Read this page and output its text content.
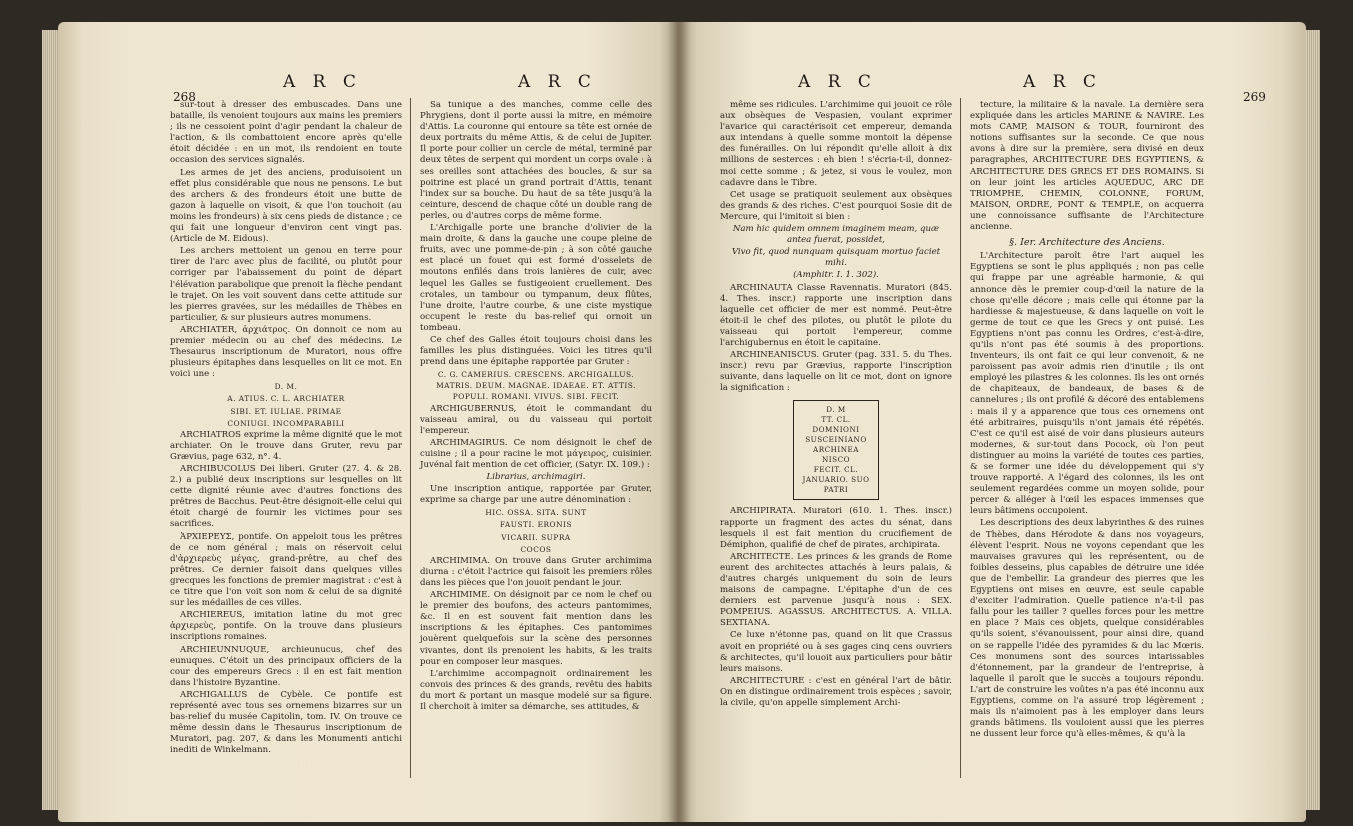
268
A R C	A R C

sur-tout à dresser des embuscades. Dans une bataille, ils venoient toujours aux mains les premiers ; ils ne cessoient point d'agir pendant la chaleur de l'action, & ils combattoient encore après qu'elle étoit décidée : en un mot, ils rendoient en toute occasion des services signalés.

Les armes de jet des anciens, produisoient un effet plus considérable que nous ne pensons. Le but des archers & des frondeurs étoit une butte de gazon à laquelle on visoit, & que l'on touchoit (au moins les frondeurs) à six cens pieds de distance ; ce qui fait une longueur d'environ cent vingt pas. (Article de M. Eidous).

Les archers mettoient un genou en terre pour tirer de l'arc avec plus de facilité, ou plutôt pour corriger par l'abaissement du point de départ l'élévation parabolique que prenoit la flèche pendant le trajet. On les voit souvent dans cette attitude sur les pierres gravées, sur les médailles de Thèbes en particulier, & sur plusieurs autres monumens.

ARCHIATER, ἀρχιάτρος. On donnoit ce nom au premier médecin ou au chef des médecins. Le Thesaurus inscriptionum de Muratori, nous offre plusieurs épitaphes dans lesquelles on lit ce mot. En voici une :

D. M.

A. ATIUS. C. L. ARCHIATER

SIBI. ET. IULIAE. PRIMAE

CONIUGI. INCOMPARABILI

ARCHIATROS exprime la même dignité que le mot archiater. On le trouve dans Gruter, revu par Grævius, page 632, n°. 4.

ARCHIBUCOLUS Dei liberi. Gruter (27. 4. & 28. 2.) a publié deux inscriptions sur lesquelles on lit cette dignité réunie avec d'autres fonctions des prêtres de Bacchus. Peut-être désignoit-elle celui qui étoit chargé de fournir les victimes pour ses sacrifices.

ἈΡΧΙΕΡΕΥΣ, pontife. On appeloit tous les prêtres de ce nom général ; mais on réservoit celui d'ἀρχιερεὺς μέγας, grand-prêtre, au chef des prêtres. Ce dernier faisoit dans quelques villes grecques les fonctions de premier magistrat : c'est à ce titre que l'on voit son nom & celui de sa dignité sur les médailles de ces villes.

ARCHIEREUS, imitation latine du mot grec ἀρχιερεὺς, pontife. On la trouve dans plusieurs inscriptions romaines.

ARCHIEUNNUQUE, archieunucus, chef des eunuques. C'étoit un des principaux officiers de la cour des empereurs Grecs : il en est fait mention dans l'histoire Byzantine.

ARCHIGALLUS de Cybèle. Ce pontife est représenté avec tous ses ornemens bizarres sur un bas-relief du musée Capitolin, tom. IV. On trouve ce même dessin dans le Thesaurus inscriptionum de Muratori, pag. 207, & dans les Monumenti antichi inediti de Winkelmann.

Sa tunique a des manches, comme celle des Phrygiens, dont il porte aussi la mitre, en mémoire d'Attis. La couronne qui entoure sa tête est ornée de deux portraits du même Attis, & de celui de Jupiter. Il porte pour collier un cercle de métal, terminé par deux têtes de serpent qui mordent un corps ovale : à ses oreilles sont attachées des boucles, & sur sa poitrine est placé un grand portrait d'Attis, tenant l'index sur sa bouche. Du haut de sa tête jusqu'à la ceinture, descend de chaque côté un double rang de perles, ou d'autres corps de même forme.

L'Archigalle porte une branche d'olivier de la main droite, & dans la gauche une coupe pleine de fruits, avec une pomme-de-pin ; à son côté gauche est placé un fouet qui est formé d'osselets de moutons enfilés dans trois lanières de cuir, avec lequel les Galles se fustigeoient cruellement. Des crotales, un tambour ou tympanum, deux flûtes, l'une droite, l'autre courbe, & une ciste mystique occupent le reste du bas-relief qui ornoit un tombeau.

Ce chef des Galles étoit toujours choisi dans les familles les plus distinguées. Voici les titres qu'il prend dans une épitaphe rapportée par Gruter :

C. G. CAMERIUS. CRESCENS. ARCHIGALLUS. MATRIS. DEUM. MAGNAE. IDAEAE. ET. ATTIS. POPULI. ROMANI. VIVUS. SIBI. FECIT.

ARCHIGUBERNUS, étoit le commandant du vaisseau amiral, ou du vaisseau qui portoit l'empereur.

ARCHIMAGIRUS. Ce nom désignoit le chef de cuisine ; il a pour racine le mot μάγειρος, cuisinier. Juvénal fait mention de cet officier, (Satyr. IX. 109.) :

Librarius, archimagiri.

Une inscription antique, rapportée par Gruter, exprime sa charge par une autre dénomination :

HIC. OSSA. SITA. SUNT

FAUSTI. ERONIS

VICARII. SUPRA

COCOS

ARCHIMIMA. On trouve dans Gruter archimima diurna : c'étoit l'actrice qui faisoit les premiers rôles dans les pièces que l'on jouoit pendant le jour.

ARCHIMIME. On désignoit par ce nom le chef ou le premier des boufons, des acteurs pantomimes, &c. Il en est souvent fait mention dans les inscriptions & les épitaphes. Ces pantomimes jouèrent quelquefois sur la scène des personnes vivantes, dont ils prenoient les habits, & les traits pour en composer leur masques.

L'archimime accompagnoit ordinairement les convois des princes & des grands, revêtu des habits du mort & portant un masque modelé sur sa figure. Il cherchoit à imiter sa démarche, ses attitudes, &

A R C	A R C
269

même ses ridicules. L'archimime qui jouoit ce rôle aux obsèques de Vespasien, voulant exprimer l'avarice qui caractérisoit cet empereur, demanda aux intendans à quelle somme montoit la dépense des funérailles. On lui répondit qu'elle alloit à dix millions de sesterces : eh bien ! s'écria-t-il, donnez-moi cette somme ; & jetez, si vous le voulez, mon cadavre dans le Tibre.

Cet usage se pratiquoit seulement aux obsèques des grands & des riches. C'est pourquoi Sosie dit de Mercure, qui l'imitoit si bien :

Nam hic quidem omnem imaginem meam, quæ antea fuerat, possidet,

Vivo fit, quod nunquam quisquam mortuo faciet mihi.

(Amphitr. I. 1. 302).

ARCHINAUTA Classe Ravennatis. Muratori (845. 4. Thes. inscr.) rapporte une inscription dans laquelle cet officier de mer est nommé. Peut-être étoit-il le chef des pilotes, ou plutôt le pilote du vaisseau qui portoit l'empereur, comme l'archigubernus en étoit le capitaine.

ARCHINEANISCUS. Gruter (pag. 331. 5. du Thes. inscr.) revu par Grævius, rapporte l'inscription suivante, dans laquelle on lit ce mot, dont on ignore la signification :

D. M
TT. CL.
DOMNIONI
SUSCEINIANO
ARCHINEA
NISCO
FECIT. CL.
JANUARIO. SUO
PATRI

ARCHIPIRATA. Muratori (610. 1. Thes. inscr.) rapporte un fragment des actes du sénat, dans lesquels il est fait mention du crucifiement de Démiphon, qualifié de chef de pirates, archipirata.

ARCHITECTE. Les princes & les grands de Rome eurent des architectes attachés à leurs palais, & d'autres chargés uniquement du soin de leurs maisons de campagne. L'épitaphe d'un de ces derniers est parvenue jusqu'à nous : SEX. POMPEIUS. AGASSUS. ARCHITECTUS. A. VILLA. SEXTIANA.

Ce luxe n'étonne pas, quand on lit que Crassus avoit en propriété ou à ses gages cinq cens ouvriers & architectes, qu'il louoit aux particuliers pour bâtir leurs maisons.

ARCHITECTURE : c'est en général l'art de bâtir. On en distingue ordinairement trois espèces ; savoir, la civile, qu'on appelle simplement Archi-

tecture, la militaire & la navale. La dernière sera expliquée dans les articles MARINE & NAVIRE. Les mots CAMP, MAISON & TOUR, fourniront des notions suffisantes sur la seconde. Ce que nous avons à dire sur la première, sera divisé en deux paragraphes, ARCHITECTURE DES EGYPTIENS, & ARCHITECTURE DES GRECS ET DES ROMAINS. Si on leur joint les articles AQUEDUC, ARC DE TRIOMPHE, CHEMIN, COLONNE, FORUM, MAISON, ORDRE, PONT & TEMPLE, on acquerra une connoissance suffisante de l'Architecture ancienne.

§. Ier. Architecture des Anciens.

L'Architecture paroît être l'art auquel les Egyptiens se sont le plus appliqués ; non pas celle qui frappe par une agréable harmonie, & qui annonce dès le premier coup-d'œil la nature de la chose qu'elle décore ; mais celle qui étonne par la hardiesse & majestueuse, & dans laquelle on voit le germe de tout ce que les Grecs y ont puisé. Les Egyptiens n'ont pas connu les Ordres, c'est-à-dire, qu'ils n'ont pas été soumis à des proportions. Inventeurs, ils ont fait ce qui leur convenoit, & ne paroissent pas avoir admis rien d'inutile ; ils ont employé les pilastres & les colonnes. Ils les ont ornés de chapiteaux, de bandeaux, de bases & de cannelures ; ils ont profilé & décoré des entablemens : mais il y a apparence que tous ces ornemens ont été arbitraires, puisqu'ils n'ont jamais été répétés. C'est ce qu'il est aisé de voir dans plusieurs auteurs modernes, & sur-tout dans Pocock, où l'on peut distinguer au moins la variété de toutes ces parties, & se former une idée du développement qui s'y trouve rapporté. A l'égard des colonnes, ils les ont seulement regardées comme un moyen solide, pour percer & alléger à l'œil les espaces immenses que leurs bâtimens occupoient.

Les descriptions des deux labyrinthes & des ruines de Thèbes, dans Hérodote & dans nos voyageurs, élèvent l'esprit. Nous ne voyons cependant que les mauvaises gravures qui les représentent, ou de foibles desseins, plus capables de détruire une idée que de l'embellir. La grandeur des pierres que les Egyptiens ont mises en œuvre, est seule capable d'exciter l'admiration. Quelle patience n'a-t-il pas fallu pour les tailler ? quelles forces pour les mettre en place ? Mais ces objets, quelque considérables qu'ils soient, s'évanouissent, pour ainsi dire, quand on se rappelle l'idée des pyramides & du lac Mœris. Ces monumens sont des sources intarissables d'étonnement, par la grandeur de l'entreprise, à laquelle il paroît que le succès a toujours répondu. L'art de construire les voûtes n'a pas été inconnu aux Egyptiens, comme on l'a assuré trop légèrement ; mais ils n'aimoient pas à les employer dans leurs grands bâtimens. Ils vouloient aussi que les pierres ne dussent leur force qu'à elles-mêmes, & qu'à la
